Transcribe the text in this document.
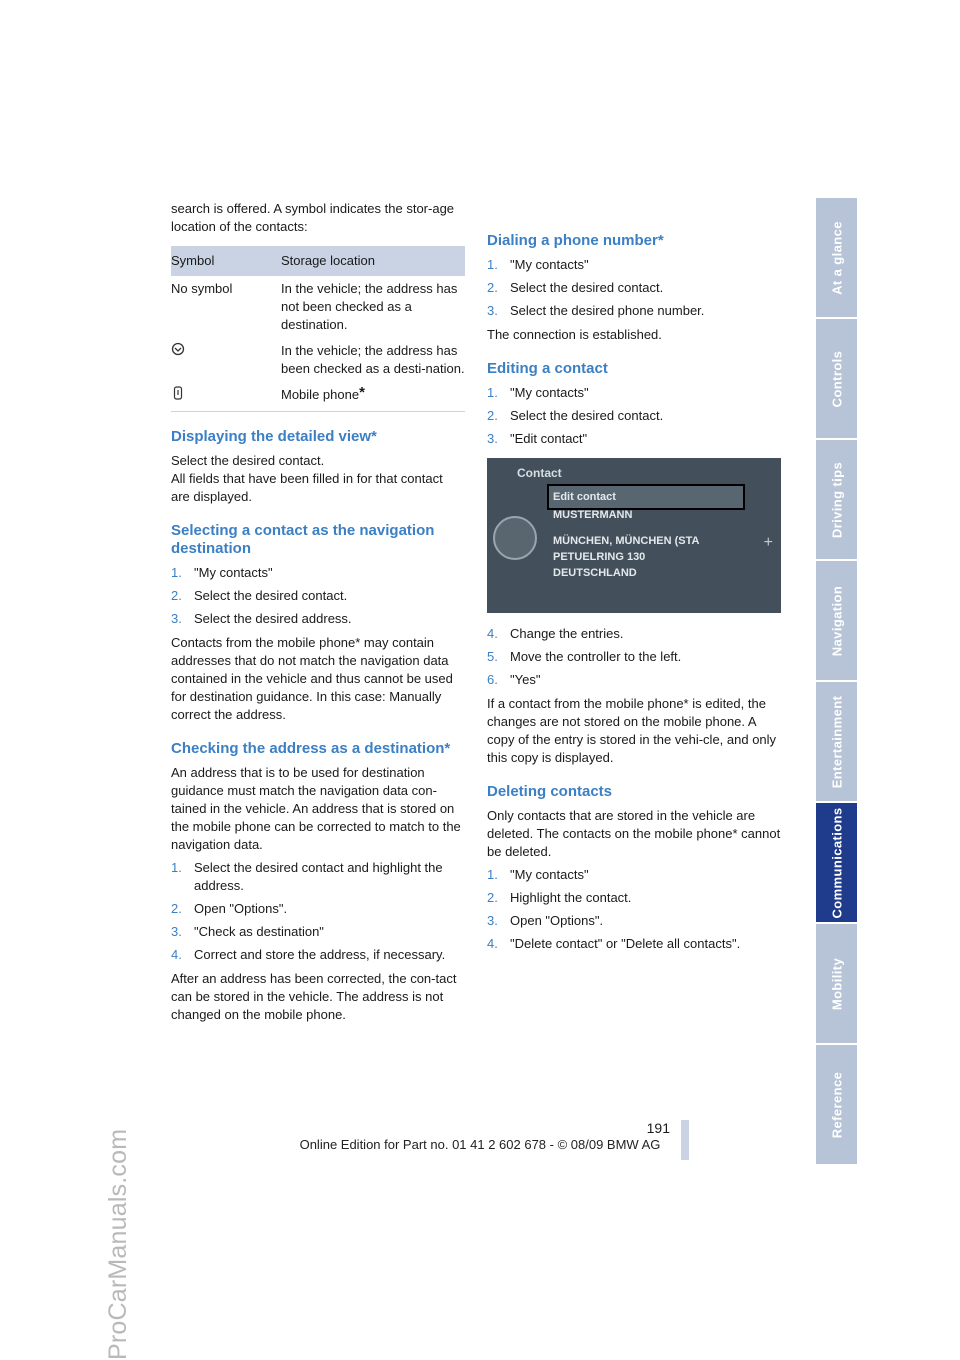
ProCarManuals.com
At a glance
Controls
Driving tips
Navigation
Entertainment
Communications
Mobility
Reference

search is offered. A symbol indicates the stor-age location of the contacts:

Symbol	Storage location
No symbol	In the vehicle; the address has not been checked as a destination.
	In the vehicle; the address has been checked as a desti-nation.
	Mobile phone*
Displaying the detailed view*

Select the desired contact.

All fields that have been filled in for that contact are displayed.

Selecting a contact as the navigation destination
1. "My contacts"
2. Select the desired contact.
3. Select the desired address.

Contacts from the mobile phone* may contain addresses that do not match the navigation data contained in the vehicle and thus cannot be used for destination guidance. In this case: Manually correct the address.

Checking the address as a destination*

An address that is to be used for destination guidance must match the navigation data con-tained in the vehicle. An address that is stored on the mobile phone can be corrected to match to the navigation data.

1. Select the desired contact and highlight the address.
2. Open "Options".
3. "Check as destination"
4. Correct and store the address, if necessary.

After an address has been corrected, the con-tact can be stored in the vehicle. The address is not changed on the mobile phone.

Dialing a phone number*
1. "My contacts"
2. Select the desired contact.
3. Select the desired phone number.

The connection is established.

Editing a contact
1. "My contacts"
2. Select the desired contact.
3. "Edit contact"
Contact
Edit contact
MUSTERMANN
MÜNCHEN, MÜNCHEN (STA
PETUELRING 130
DEUTSCHLAND
+
4. Change the entries.
5. Move the controller to the left.
6. "Yes"

If a contact from the mobile phone* is edited, the changes are not stored on the mobile phone. A copy of the entry is stored in the vehi-cle, and only this copy is displayed.

Deleting contacts

Only contacts that are stored in the vehicle are deleted. The contacts on the mobile phone* cannot be deleted.

1. "My contacts"
2. Highlight the contact.
3. Open "Options".
4. "Delete contact" or "Delete all contacts".
191
Online Edition for Part no. 01 41 2 602 678 - © 08/09 BMW AG
